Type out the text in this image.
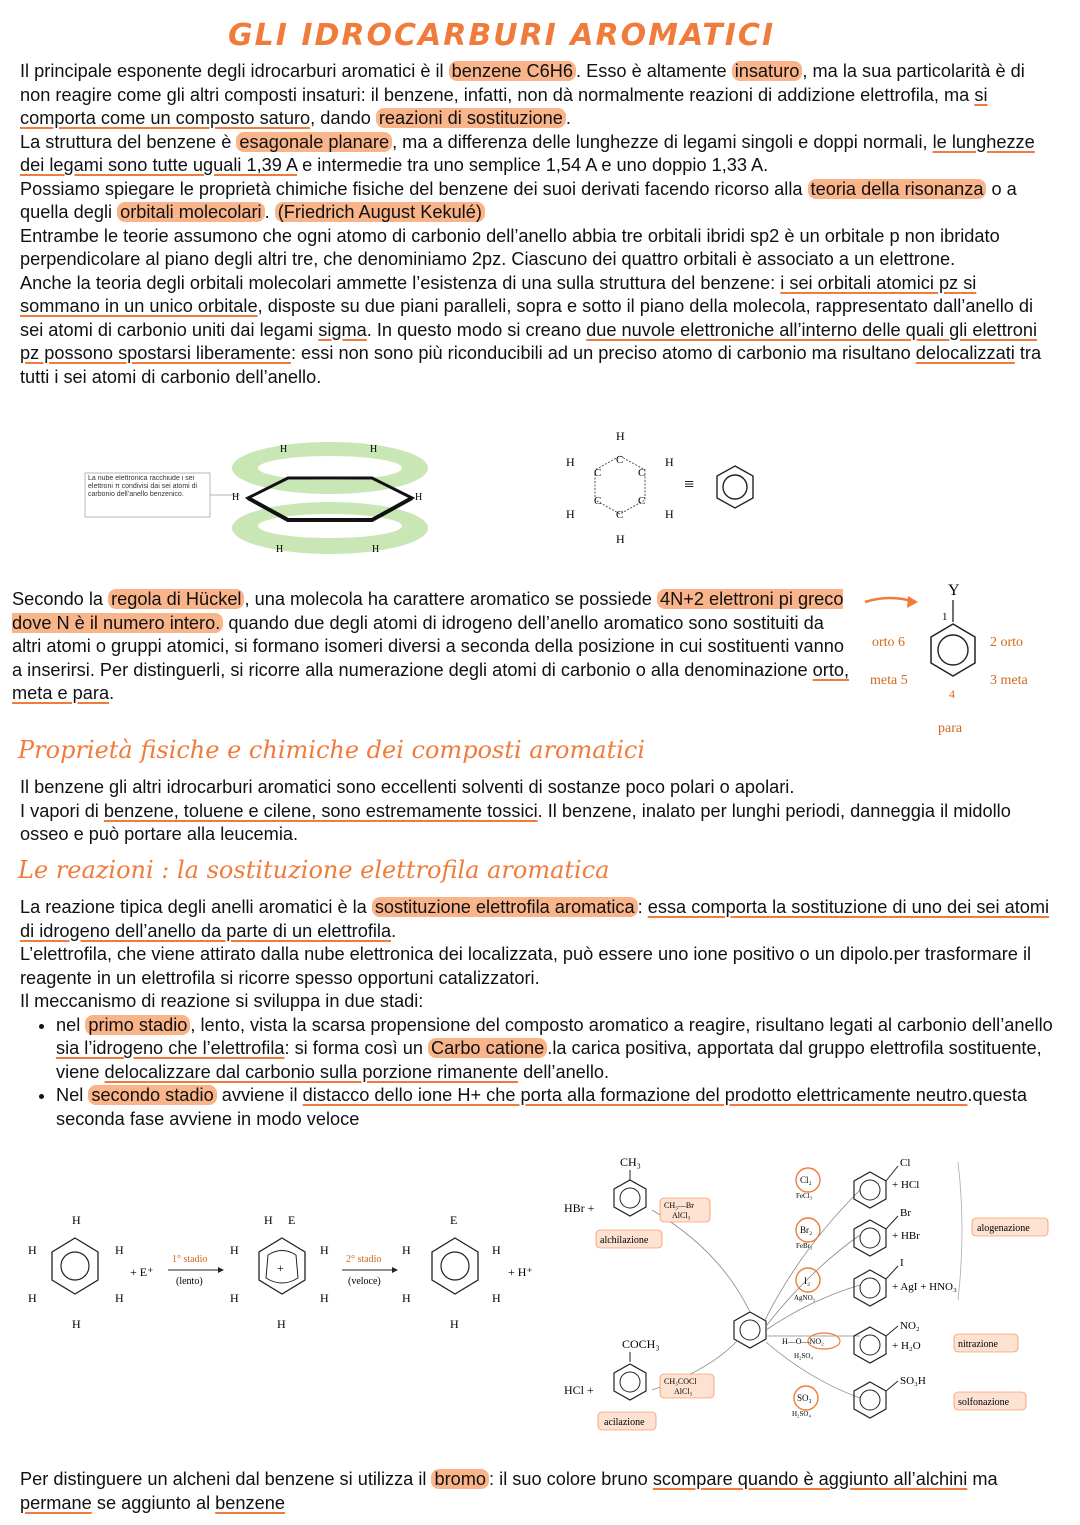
GLI IDROCARBURI AROMATICI
Il principale esponente degli idrocarburi aromatici è il benzene C6H6 . Esso è altamente insaturo , ma la sua particolarità è di non reagire come gli altri composti insaturi: il benzene, infatti, non dà normalmente reazioni di addizione elettrofila, ma si comporta come un composto saturo, dando reazioni di sostituzione .
La struttura del benzene è esagonale planare , ma a differenza delle lunghezze di legami singoli e doppi normali, le lunghezze dei legami sono tutte uguali 1,39 A e intermedie tra uno semplice 1,54 A e uno doppio 1,33 A.
Possiamo spiegare le proprietà chimiche fisiche del benzene dei suoi derivati facendo ricorso alla teoria della risonanza o a quella degli orbitali molecolari . (Friedrich August Kekulé)
Entrambe le teorie assumono che ogni atomo di carbonio dell’anello abbia tre orbitali ibridi sp2 è un orbitale p non ibridato perpendicolare al piano degli altri tre, che denominiamo 2pz. Ciascuno dei quattro orbitali è associato a un elettrone.
Anche la teoria degli orbitali molecolari ammette l’esistenza di una sulla struttura del benzene: i sei orbitali atomici pz si sommano in un unico orbitale, disposte su due piani paralleli, sopra e sotto il piano della molecola, rappresentato dall’anello di sei atomi di carbonio uniti dai legami sigma. In questo modo si creano due nuvole elettroniche all’interno delle quali gli elettroni pz possono spostarsi liberamente: essi non sono più riconducibili ad un preciso atomo di carbonio ma risultano delocalizzati tra tutti i sei atomi di carbonio dell’anello.
La nube elettronica racchiude i sei elettroni π condivisi dai sei atomi di carbonio dell’anello benzenico.
H	H
H	H
H	H
H
H	H
H	H
H
C
C	C
C	C
C
≡
Secondo la regola di Hückel , una molecola ha carattere aromatico se possiede 4N+2 elettroni pi greco dove N è il numero intero. quando due degli atomi di idrogeno dell’anello aromatico sono sostituiti da altri atomi o gruppi atomici, si formano isomeri diversi a seconda della posizione in cui sostituenti vanno a inserirsi. Per distinguerli, si ricorre alla numerazione degli atomi di carbonio o alla denominazione orto, meta e para.
Y
1
orto 6	2 orto
meta 5	3 meta
4
para
Proprietà fisiche e chimiche dei composti aromatici
Il benzene gli altri idrocarburi aromatici sono eccellenti solventi di sostanze poco polari o apolari.
I vapori di benzene, toluene e cilene, sono estremamente tossici. Il benzene, inalato per lunghi periodi, danneggia il midollo osseo e può portare alla leucemia.
Le reazioni : la sostituzione elettrofila aromatica
La reazione tipica degli anelli aromatici è la sostituzione elettrofila aromatica : essa comporta la sostituzione di uno dei sei atomi di idrogeno dell’anello da parte di un elettrofila.
L’elettrofila, che viene attirato dalla nube elettronica dei localizzata, può essere uno ione positivo o un dipolo.per trasformare il reagente in un elettrofila si ricorre spesso opportuni catalizzatori.
Il meccanismo di reazione si sviluppa in due stadi:
• nel primo stadio , lento, vista la scarsa propensione del composto aromatico a reagire, risultano legati al carbonio dell’anello sia l’idrogeno che l’elettrofila: si forma così un Carbo catione .la carica positiva, apportata dal gruppo elettrofila sostituente, viene delocalizzare dal carbonio sulla porzione rimanente dell’anello.
• Nel secondo stadio avviene il distacco dello ione H+ che porta alla formazione del prodotto elettricamente neutro.questa seconda fase avviene in modo veloce
H
H	H
H	H
H
+ E⁺
1° stadio
(lento)
+
H E
H	H
H	H
H
2° stadio
(veloce)
E
H	H
H	H
H
+ H⁺
CH₃
HBr +	CH₃—Br
AlCl₃
alchilazione
COCH₃
HCl +
CH₃COCl
AlCl₃
acilazione
Cl₂
FeCl₃
Cl
+ HCl
Br₂
FeBr₃
Br
+ HBr
I₂
AgNO₃
I
+ AgI + HNO₃
alogenazione
H—O—NO₂
H₂SO₄
NO₂
+ H₂O	nitrazione
SO₃
H₂SO₄
SO₃H
solfonazione
Per distinguere un alcheni dal benzene si utilizza il bromo : il suo colore bruno scompare quando è aggiunto all’alchini ma permane se aggiunto al benzene
